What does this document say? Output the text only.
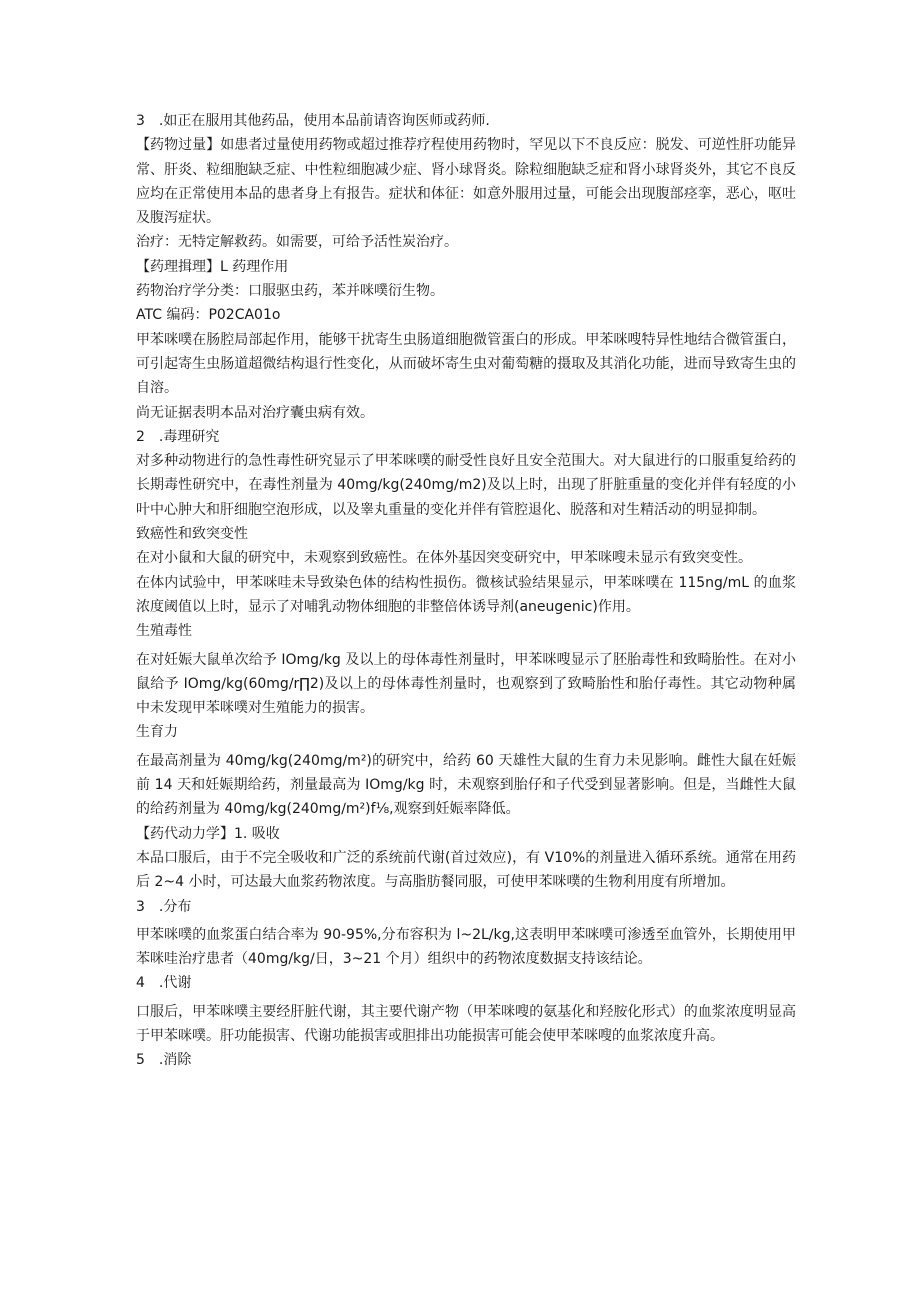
3　.如正在服用其他药品，使用本品前请咨询医师或药师.

【药物过量】如患者过量使用药物或超过推荐疗程使用药物时，罕见以下不良反应：脱发、可逆性肝功能异常、肝炎、粒细胞缺乏症、中性粒细胞减少症、肾小球肾炎。除粒细胞缺乏症和肾小球肾炎外，其它不良反应均在正常使用本品的患者身上有报告。症状和体征：如意外服用过量，可能会出现腹部痉挛，恶心，呕吐及腹泻症状。

治疗：无特定解救药。如需要，可给予活性炭治疗。

【药理揖理】L 药理作用

药物治疗学分类：口服驱虫药，苯并咪噗衍生物。

ATC 编码：P02CA01o

甲苯咪噗在肠腔局部起作用，能够干扰寄生虫肠道细胞微管蛋白的形成。甲苯咪嗖特异性地结合微管蛋白，可引起寄生虫肠道超微结构退行性变化，从而破坏寄生虫对葡萄糖的摄取及其消化功能，进而导致寄生虫的自溶。

尚无证据表明本品对治疗囊虫病有效。

2　.毒理研究

对多种动物进行的急性毒性研究显示了甲苯咪噗的耐受性良好且安全范围大。对大鼠进行的口服重复给药的长期毒性研究中，在毒性剂量为 40mg∕kg(240mg∕m2)及以上时，出现了肝脏重量的变化并伴有轻度的小叶中心肿大和肝细胞空泡形成，以及睾丸重量的变化并伴有管腔退化、脱落和对生精活动的明显抑制。

致癌性和致突变性

在对小鼠和大鼠的研究中，未观察到致癌性。在体外基因突变研究中，甲苯咪嗖未显示有致突变性。

在体内试验中，甲苯咪哇未导致染色体的结构性损伤。微核试验结果显示，甲苯咪噗在 115ng∕mL 的血浆浓度阈值以上时，显示了对哺乳动物体细胞的非整倍体诱导剂(aneugenic)作用。

生殖毒性

在对妊娠大鼠单次给予 IOmg∕kg 及以上的母体毒性剂量时，甲苯咪嗖显示了胚胎毒性和致畸胎性。在对小鼠给予 IOmg∕kg(60mg∕r∏2)及以上的母体毒性剂量时，也观察到了致畸胎性和胎仔毒性。其它动物种属中未发现甲苯咪噗对生殖能力的损害。

生育力

在最高剂量为 40mg∕kg(240mg∕m²)的研究中，给药 60 天雄性大鼠的生育力未见影响。雌性大鼠在妊娠前 14 天和妊娠期给药，剂量最高为 IOmg∕kg 时，未观察到胎仔和子代受到显著影响。但是，当雌性大鼠的给药剂量为 40mg∕kg(240mg∕m²)f⅛,观察到妊娠率降低。

【药代动力学】1. 吸收

本品口服后，由于不完全吸收和广泛的系统前代谢(首过效应)，有 V10%的剂量进入循环系统。通常在用药后 2~4 小时，可达最大血浆药物浓度。与高脂肪餐同服，可使甲苯咪噗的生物利用度有所增加。

3　.分布

甲苯咪噗的血浆蛋白结合率为 90-95%,分布容积为 l~2L∕kg,这表明甲苯咪噗可渗透至血管外，长期使用甲苯咪哇治疗患者（40mg∕kg∕日，3~21 个月）组织中的药物浓度数据支持该结论。

4　.代谢

口服后，甲苯咪噗主要经肝脏代谢，其主要代谢产物（甲苯咪嗖的氨基化和羟胺化形式）的血浆浓度明显高于甲苯咪噗。肝功能损害、代谢功能损害或胆排出功能损害可能会使甲苯咪嗖的血浆浓度升高。

5　.消除
